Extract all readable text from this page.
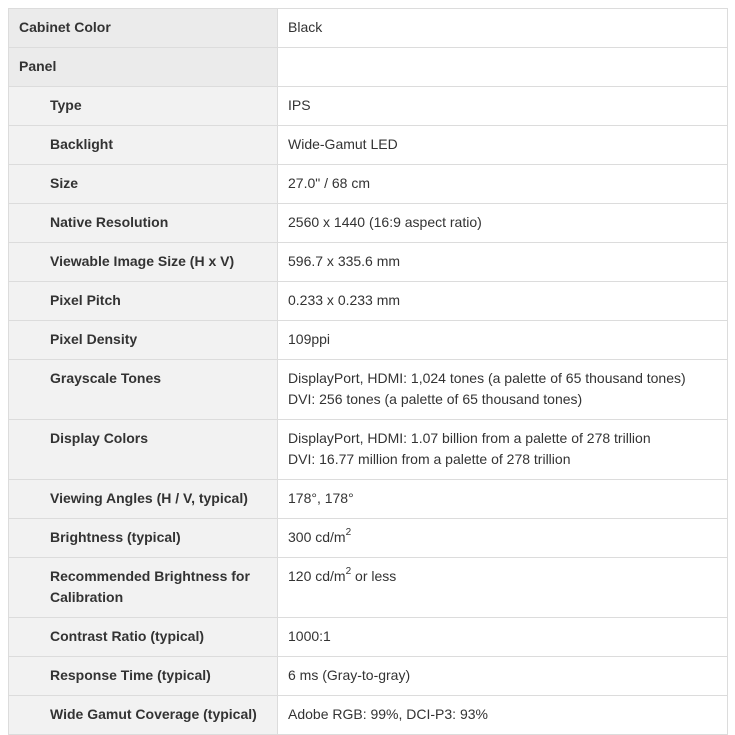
Cabinet Color	Black
Panel	
Type	IPS
Backlight	Wide-Gamut LED
Size	27.0" / 68 cm
Native Resolution	2560 x 1440 (16:9 aspect ratio)
Viewable Image Size (H x V)	596.7 x 335.6 mm
Pixel Pitch	0.233 x 0.233 mm
Pixel Density	109ppi
Grayscale Tones	DisplayPort, HDMI: 1,024 tones (a palette of 65 thousand tones)
DVI: 256 tones (a palette of 65 thousand tones)

Display Colors	DisplayPort, HDMI: 1.07 billion from a palette of 278 trillion
DVI: 16.77 million from a palette of 278 trillion

Viewing Angles (H / V, typical)	178°, 178°
Brightness (typical)	300 $cd/m^2$
Recommended Brightness for Calibration	120 $cd/m^2$ or less
Contrast Ratio (typical)	1000:1
Response Time (typical)	6 ms (Gray-to-gray)
Wide Gamut Coverage (typical)	Adobe RGB: 99%, DCI-P3: 93%
